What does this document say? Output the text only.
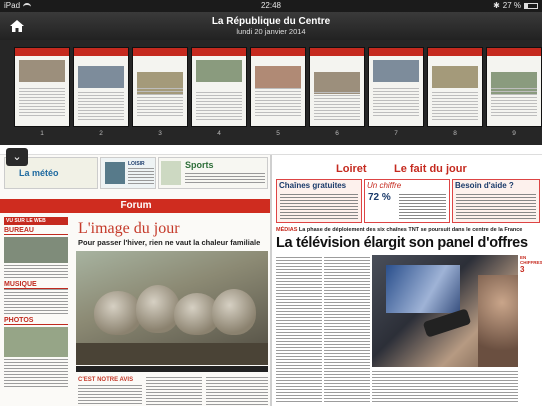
iPad	22:48	✱ 27 %
La République du Centre
lundi 20 janvier 2014
1	2	3	4	5	6	7	8	9
La météo
LOISIR	Sports
Forum
VU SUR LE WEB
BUREAU
MUSIQUE
PHOTOS
L'image du jour
Pour passer l'hiver, rien ne vaut la chaleur familiale
C'EST NOTRE AVIS
Loiret Le fait du jour
Chaînes gratuites	Un chiffre
72 %
Besoin d'aide ?
MÉDIAS La phase de déploiement des six chaînes TNT se poursuit dans le centre de la France
La télévision élargit son panel d'offres
EN CHIFFRES
3
⌄
